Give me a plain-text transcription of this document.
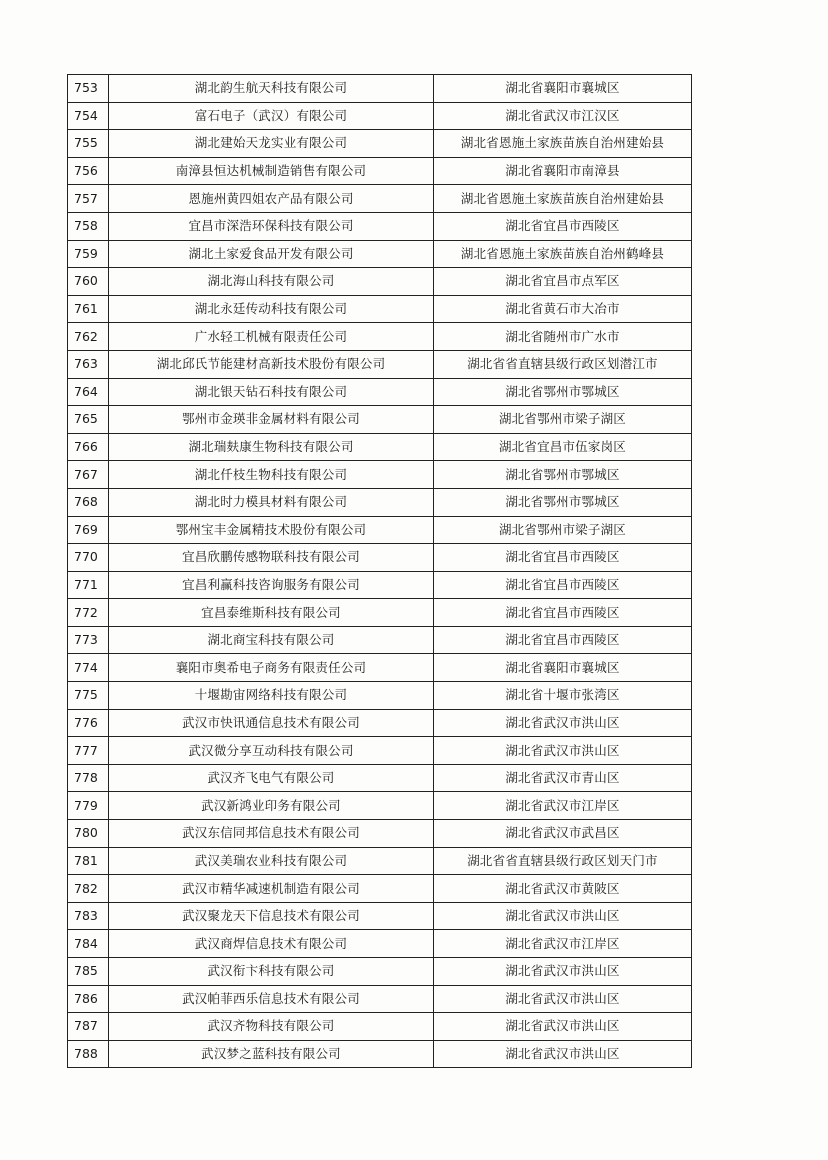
753	湖北韵生航天科技有限公司	湖北省襄阳市襄城区
754	富石电子（武汉）有限公司	湖北省武汉市江汉区
755	湖北建始天龙实业有限公司	湖北省恩施土家族苗族自治州建始县
756	南漳县恒达机械制造销售有限公司	湖北省襄阳市南漳县
757	恩施州黄四姐农产品有限公司	湖北省恩施土家族苗族自治州建始县
758	宜昌市深浩环保科技有限公司	湖北省宜昌市西陵区
759	湖北土家爱食品开发有限公司	湖北省恩施土家族苗族自治州鹤峰县
760	湖北海山科技有限公司	湖北省宜昌市点军区
761	湖北永廷传动科技有限公司	湖北省黄石市大冶市
762	广水轻工机械有限责任公司	湖北省随州市广水市
763	湖北邱氏节能建材高新技术股份有限公司	湖北省省直辖县级行政区划潜江市
764	湖北银天钻石科技有限公司	湖北省鄂州市鄂城区
765	鄂州市金瑛非金属材料有限公司	湖北省鄂州市梁子湖区
766	湖北瑞麸康生物科技有限公司	湖北省宜昌市伍家岗区
767	湖北仟枝生物科技有限公司	湖北省鄂州市鄂城区
768	湖北时力模具材料有限公司	湖北省鄂州市鄂城区
769	鄂州宝丰金属精技术股份有限公司	湖北省鄂州市梁子湖区
770	宜昌欣鹏传感物联科技有限公司	湖北省宜昌市西陵区
771	宜昌利赢科技咨询服务有限公司	湖北省宜昌市西陵区
772	宜昌泰维斯科技有限公司	湖北省宜昌市西陵区
773	湖北商宝科技有限公司	湖北省宜昌市西陵区
774	襄阳市奥希电子商务有限责任公司	湖北省襄阳市襄城区
775	十堰勘宙网络科技有限公司	湖北省十堰市张湾区
776	武汉市快讯通信息技术有限公司	湖北省武汉市洪山区
777	武汉微分享互动科技有限公司	湖北省武汉市洪山区
778	武汉齐飞电气有限公司	湖北省武汉市青山区
779	武汉新鸿业印务有限公司	湖北省武汉市江岸区
780	武汉东信同邦信息技术有限公司	湖北省武汉市武昌区
781	武汉美瑞农业科技有限公司	湖北省省直辖县级行政区划天门市
782	武汉市精华减速机制造有限公司	湖北省武汉市黄陂区
783	武汉聚龙天下信息技术有限公司	湖北省武汉市洪山区
784	武汉商焊信息技术有限公司	湖北省武汉市江岸区
785	武汉衔卞科技有限公司	湖北省武汉市洪山区
786	武汉帕菲西乐信息技术有限公司	湖北省武汉市洪山区
787	武汉齐物科技有限公司	湖北省武汉市洪山区
788	武汉梦之蓝科技有限公司	湖北省武汉市洪山区
